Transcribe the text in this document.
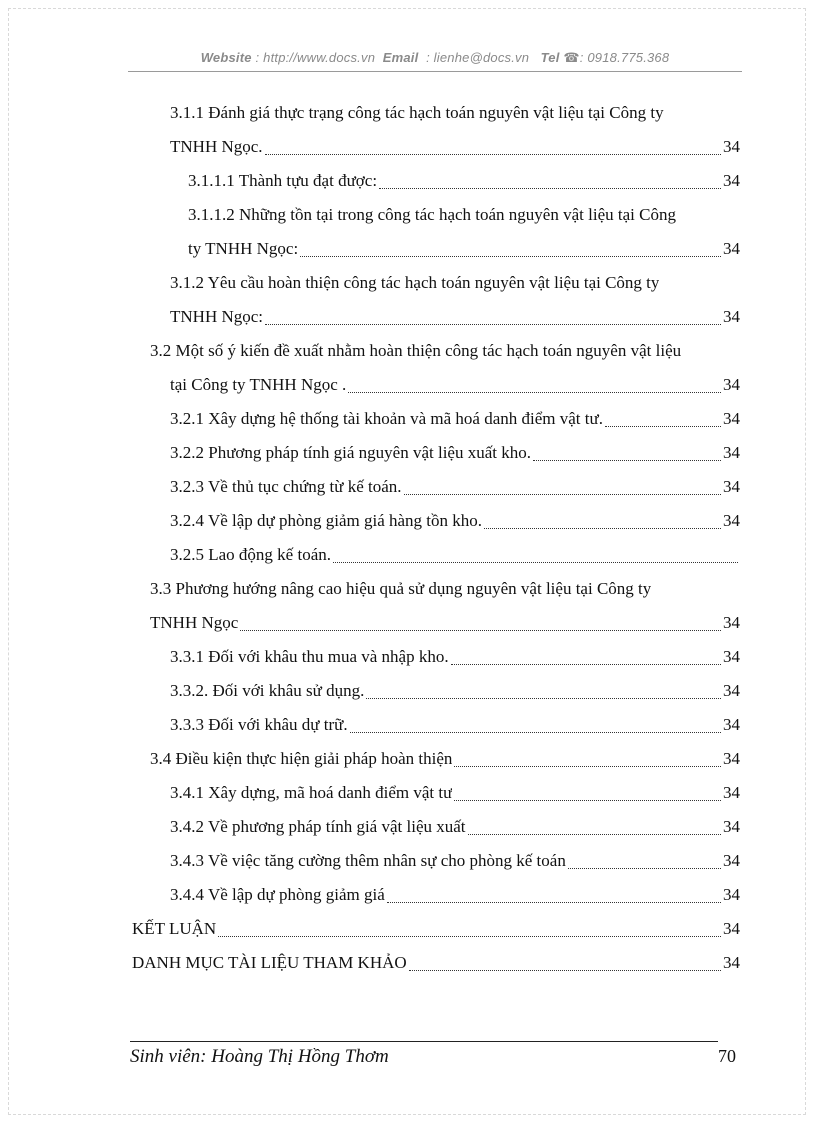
Website : http://www.docs.vn Email : lienhe@docs.vn Tel ☎: 0918.775.368
3.1.1 Đánh giá thực trạng công tác hạch toán nguyên vật liệu tại Công ty
TNHH Ngọc.	34
3.1.1.1 Thành tựu đạt được:	34
3.1.1.2 Những tồn tại trong công tác hạch toán nguyên vật liệu tại Công
ty TNHH Ngọc:	34
3.1.2 Yêu cầu hoàn thiện công tác hạch toán nguyên vật liệu tại Công ty
TNHH Ngọc:	34
3.2 Một số ý kiến đề xuất nhằm hoàn thiện công tác hạch toán nguyên vật liệu
tại Công ty TNHH Ngọc .	34
3.2.1 Xây dựng hệ thống tài khoản và mã hoá danh điểm vật tư.	34
3.2.2 Phương pháp tính giá nguyên vật liệu xuất kho.	34
3.2.3 Về thủ tục chứng từ kế toán.	34
3.2.4 Về lập dự phòng giảm giá hàng tồn kho.	34
3.2.5 Lao động kế toán.
3.3 Phương hướng nâng cao hiệu quả sử dụng nguyên vật liệu tại Công ty
TNHH Ngọc	34
3.3.1 Đối với khâu thu mua và nhập kho.	34
3.3.2. Đối với khâu sử dụng.	34
3.3.3 Đối với khâu dự trữ.	34
3.4 Điều kiện thực hiện giải pháp hoàn thiện	34
3.4.1 Xây dựng, mã hoá danh điểm vật tư	34
3.4.2 Về phương pháp tính giá vật liệu xuất	34
3.4.3 Về việc tăng cường thêm nhân sự cho phòng kế toán	34
3.4.4 Về lập dự phòng giảm giá	34
KẾT LUẬN	34
DANH MỤC TÀI LIỆU THAM KHẢO	34
Sinh viên: Hoàng Thị Hồng Thơm	70
